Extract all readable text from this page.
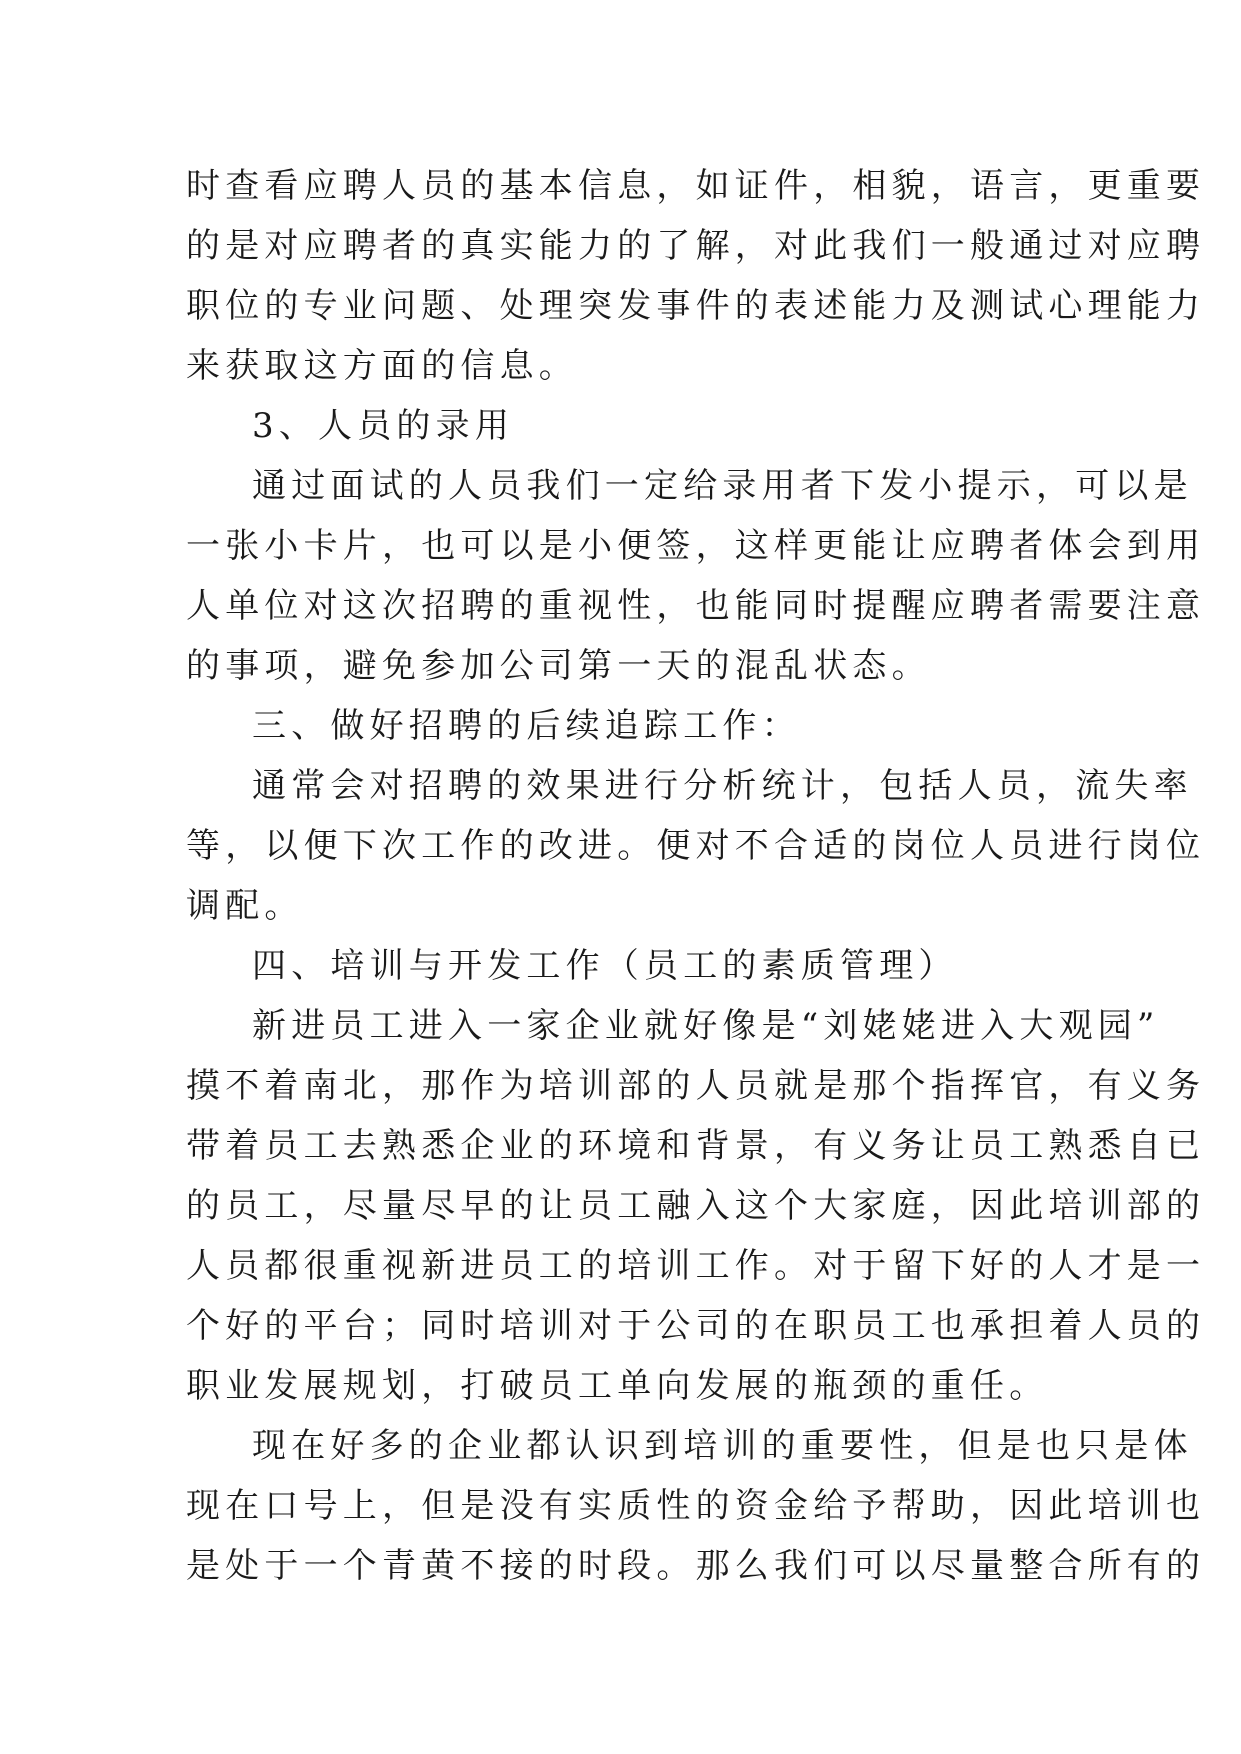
时查看应聘人员的基本信息，如证件，相貌，语言，更重要
的是对应聘者的真实能力的了解，对此我们一般通过对应聘
职位的专业问题、处理突发事件的表述能力及测试心理能力
来获取这方面的信息。
3、人员的录用
通过面试的人员我们一定给录用者下发小提示，可以是
一张小卡片，也可以是小便签，这样更能让应聘者体会到用
人单位对这次招聘的重视性，也能同时提醒应聘者需要注意
的事项，避免参加公司第一天的混乱状态。
三、做好招聘的后续追踪工作：
通常会对招聘的效果进行分析统计，包括人员，流失率
等，以便下次工作的改进。便对不合适的岗位人员进行岗位
调配。
四、培训与开发工作（员工的素质管理）
新进员工进入一家企业就好像是“刘姥姥进入大观园”
摸不着南北，那作为培训部的人员就是那个指挥官，有义务
带着员工去熟悉企业的环境和背景，有义务让员工熟悉自已
的员工，尽量尽早的让员工融入这个大家庭，因此培训部的
人员都很重视新进员工的培训工作。对于留下好的人才是一
个好的平台；同时培训对于公司的在职员工也承担着人员的
职业发展规划，打破员工单向发展的瓶颈的重任。
现在好多的企业都认识到培训的重要性，但是也只是体
现在口号上，但是没有实质性的资金给予帮助，因此培训也
是处于一个青黄不接的时段。那么我们可以尽量整合所有的
